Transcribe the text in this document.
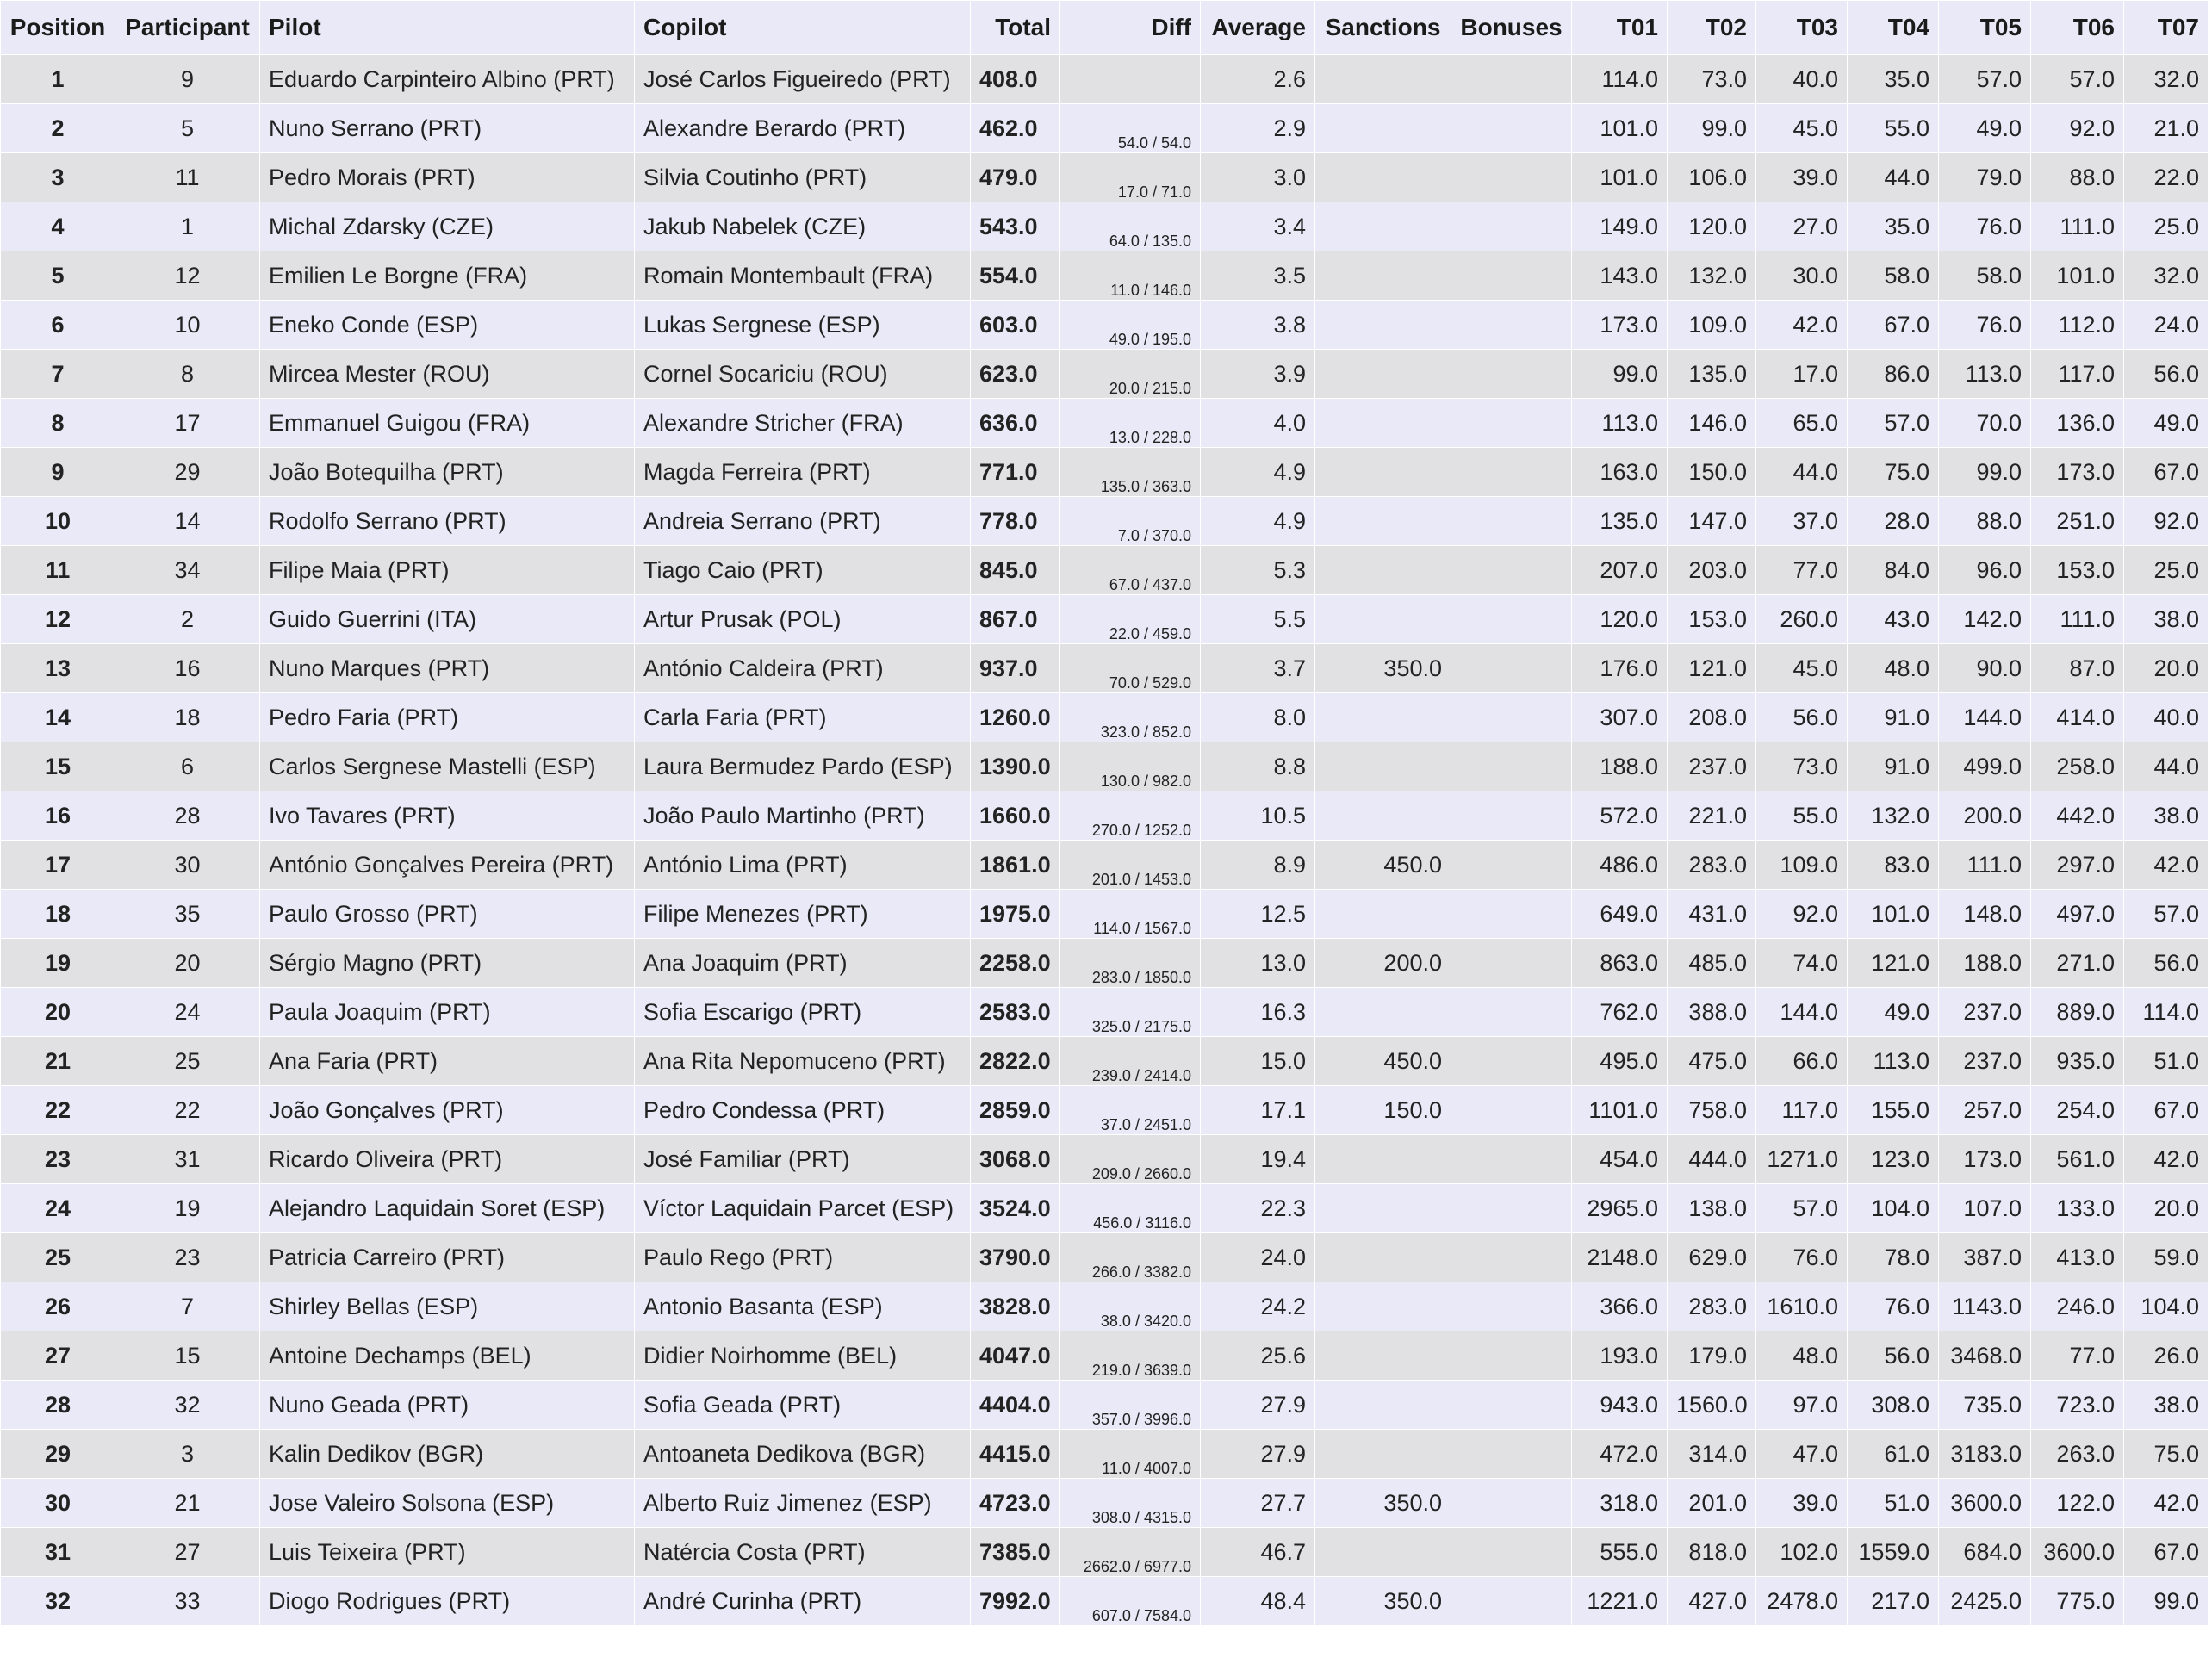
Position	Participant	Pilot	Copilot	Total	Diff	Average	Sanctions	Bonuses	T01	T02	T03	T04	T05	T06	T07
1	9	Eduardo Carpinteiro Albino (PRT)	José Carlos Figueiredo (PRT)	408.0		2.6			114.0	73.0	40.0	35.0	57.0	57.0	32.0
2	5	Nuno Serrano (PRT)	Alexandre Berardo (PRT)	462.0	54.0 / 54.0	2.9			101.0	99.0	45.0	55.0	49.0	92.0	21.0
3	11	Pedro Morais (PRT)	Silvia Coutinho (PRT)	479.0	17.0 / 71.0	3.0			101.0	106.0	39.0	44.0	79.0	88.0	22.0
4	1	Michal Zdarsky (CZE)	Jakub Nabelek (CZE)	543.0	64.0 / 135.0	3.4			149.0	120.0	27.0	35.0	76.0	111.0	25.0
5	12	Emilien Le Borgne (FRA)	Romain Montembault (FRA)	554.0	11.0 / 146.0	3.5			143.0	132.0	30.0	58.0	58.0	101.0	32.0
6	10	Eneko Conde (ESP)	Lukas Sergnese (ESP)	603.0	49.0 / 195.0	3.8			173.0	109.0	42.0	67.0	76.0	112.0	24.0
7	8	Mircea Mester (ROU)	Cornel Socariciu (ROU)	623.0	20.0 / 215.0	3.9			99.0	135.0	17.0	86.0	113.0	117.0	56.0
8	17	Emmanuel Guigou (FRA)	Alexandre Stricher (FRA)	636.0	13.0 / 228.0	4.0			113.0	146.0	65.0	57.0	70.0	136.0	49.0
9	29	João Botequilha (PRT)	Magda Ferreira (PRT)	771.0	135.0 / 363.0	4.9			163.0	150.0	44.0	75.0	99.0	173.0	67.0
10	14	Rodolfo Serrano (PRT)	Andreia Serrano (PRT)	778.0	7.0 / 370.0	4.9			135.0	147.0	37.0	28.0	88.0	251.0	92.0
11	34	Filipe Maia (PRT)	Tiago Caio (PRT)	845.0	67.0 / 437.0	5.3			207.0	203.0	77.0	84.0	96.0	153.0	25.0
12	2	Guido Guerrini (ITA)	Artur Prusak (POL)	867.0	22.0 / 459.0	5.5			120.0	153.0	260.0	43.0	142.0	111.0	38.0
13	16	Nuno Marques (PRT)	António Caldeira (PRT)	937.0	70.0 / 529.0	3.7	350.0		176.0	121.0	45.0	48.0	90.0	87.0	20.0
14	18	Pedro Faria (PRT)	Carla Faria (PRT)	1260.0	323.0 / 852.0	8.0			307.0	208.0	56.0	91.0	144.0	414.0	40.0
15	6	Carlos Sergnese Mastelli (ESP)	Laura Bermudez Pardo (ESP)	1390.0	130.0 / 982.0	8.8			188.0	237.0	73.0	91.0	499.0	258.0	44.0
16	28	Ivo Tavares (PRT)	João Paulo Martinho (PRT)	1660.0	270.0 / 1252.0	10.5			572.0	221.0	55.0	132.0	200.0	442.0	38.0
17	30	António Gonçalves Pereira (PRT)	António Lima (PRT)	1861.0	201.0 / 1453.0	8.9	450.0		486.0	283.0	109.0	83.0	111.0	297.0	42.0
18	35	Paulo Grosso (PRT)	Filipe Menezes (PRT)	1975.0	114.0 / 1567.0	12.5			649.0	431.0	92.0	101.0	148.0	497.0	57.0
19	20	Sérgio Magno (PRT)	Ana Joaquim (PRT)	2258.0	283.0 / 1850.0	13.0	200.0		863.0	485.0	74.0	121.0	188.0	271.0	56.0
20	24	Paula Joaquim (PRT)	Sofia Escarigo (PRT)	2583.0	325.0 / 2175.0	16.3			762.0	388.0	144.0	49.0	237.0	889.0	114.0
21	25	Ana Faria (PRT)	Ana Rita Nepomuceno (PRT)	2822.0	239.0 / 2414.0	15.0	450.0		495.0	475.0	66.0	113.0	237.0	935.0	51.0
22	22	João Gonçalves (PRT)	Pedro Condessa (PRT)	2859.0	37.0 / 2451.0	17.1	150.0		1101.0	758.0	117.0	155.0	257.0	254.0	67.0
23	31	Ricardo Oliveira (PRT)	José Familiar (PRT)	3068.0	209.0 / 2660.0	19.4			454.0	444.0	1271.0	123.0	173.0	561.0	42.0
24	19	Alejandro Laquidain Soret (ESP)	Víctor Laquidain Parcet (ESP)	3524.0	456.0 / 3116.0	22.3			2965.0	138.0	57.0	104.0	107.0	133.0	20.0
25	23	Patricia Carreiro (PRT)	Paulo Rego (PRT)	3790.0	266.0 / 3382.0	24.0			2148.0	629.0	76.0	78.0	387.0	413.0	59.0
26	7	Shirley Bellas (ESP)	Antonio Basanta (ESP)	3828.0	38.0 / 3420.0	24.2			366.0	283.0	1610.0	76.0	1143.0	246.0	104.0
27	15	Antoine Dechamps (BEL)	Didier Noirhomme (BEL)	4047.0	219.0 / 3639.0	25.6			193.0	179.0	48.0	56.0	3468.0	77.0	26.0
28	32	Nuno Geada (PRT)	Sofia Geada (PRT)	4404.0	357.0 / 3996.0	27.9			943.0	1560.0	97.0	308.0	735.0	723.0	38.0
29	3	Kalin Dedikov (BGR)	Antoaneta Dedikova (BGR)	4415.0	11.0 / 4007.0	27.9			472.0	314.0	47.0	61.0	3183.0	263.0	75.0
30	21	Jose Valeiro Solsona (ESP)	Alberto Ruiz Jimenez (ESP)	4723.0	308.0 / 4315.0	27.7	350.0		318.0	201.0	39.0	51.0	3600.0	122.0	42.0
31	27	Luis Teixeira (PRT)	Natércia Costa (PRT)	7385.0	2662.0 / 6977.0	46.7			555.0	818.0	102.0	1559.0	684.0	3600.0	67.0
32	33	Diogo Rodrigues (PRT)	André Curinha (PRT)	7992.0	607.0 / 7584.0	48.4	350.0		1221.0	427.0	2478.0	217.0	2425.0	775.0	99.0
